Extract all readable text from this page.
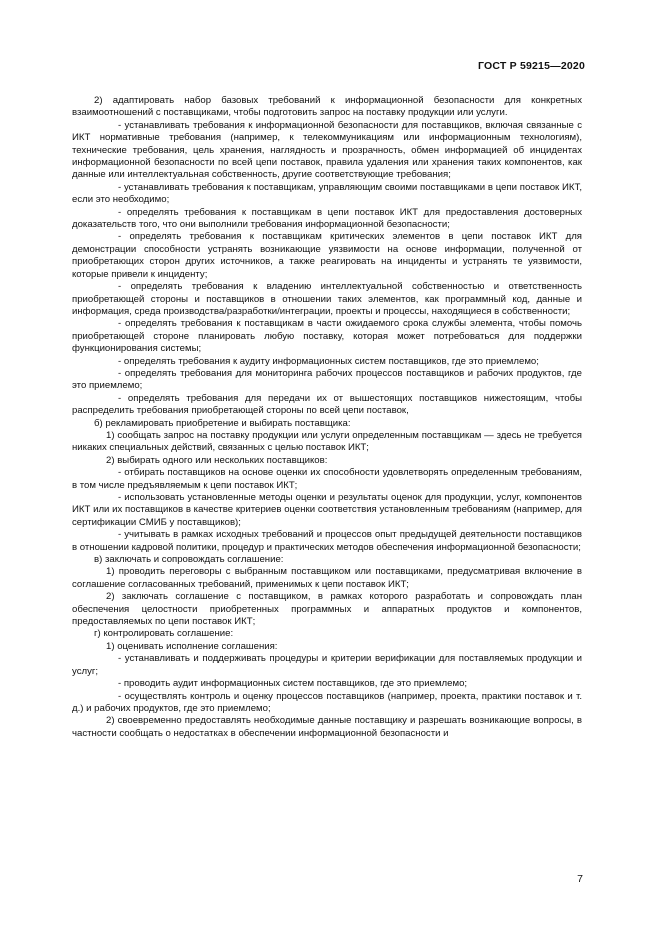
ГОСТ Р 59215—2020

2) адаптировать набор базовых требований к информационной безопасности для конкретных взаимоотношений с поставщиками, чтобы подготовить запрос на поставку продукции или услуги.

- устанавливать требования к информационной безопасности для поставщиков, включая связанные с ИКТ нормативные требования (например, к телекоммуникациям или информационным технологиям), технические требования, цель хранения, наглядность и прозрачность, обмен информацией об инцидентах информационной безопасности по всей цепи поставок, правила удаления или хранения таких компонентов, как данные или интеллектуальная собственность, другие соответствующие требования;

- устанавливать требования к поставщикам, управляющим своими поставщиками в цепи поставок ИКТ, если это необходимо;

- определять требования к поставщикам в цепи поставок ИКТ для предоставления достоверных доказательств того, что они выполнили требования информационной безопасности;

- определять требования к поставщикам критических элементов в цепи поставок ИКТ для демонстрации способности устранять возникающие уязвимости на основе информации, полученной от приобретающих сторон других источников, а также реагировать на инциденты и устранять те уязвимости, которые привели к инциденту;

- определять требования к владению интеллектуальной собственностью и ответственность приобретающей стороны и поставщиков в отношении таких элементов, как программный код, данные и информация, среда производства/разработки/интеграции, проекты и процессы, находящиеся в собственности;

- определять требования к поставщикам в части ожидаемого срока службы элемента, чтобы помочь приобретающей стороне планировать любую поставку, которая может потребоваться для поддержки функционирования системы;

- определять требования к аудиту информационных систем поставщиков, где это приемлемо;

- определять требования для мониторинга рабочих процессов поставщиков и рабочих продуктов, где это приемлемо;

- определять требования для передачи их от вышестоящих поставщиков нижестоящим, чтобы распределить требования приобретающей стороны по всей цепи поставок,

б) рекламировать приобретение и выбирать поставщика:

1) сообщать запрос на поставку продукции или услуги определенным поставщикам — здесь не требуется никаких специальных действий, связанных с целью поставок ИКТ;

2) выбирать одного или нескольких поставщиков:

- отбирать поставщиков на основе оценки их способности удовлетворять определенным требованиям, в том числе предъявляемым к цепи поставок ИКТ;

- использовать установленные методы оценки и результаты оценок для продукции, услуг, компонентов ИКТ или их поставщиков в качестве критериев оценки соответствия установленным требованиям (например, для сертификации СМИБ у поставщиков);

- учитывать в рамках исходных требований и процессов опыт предыдущей деятельности поставщиков в отношении кадровой политики, процедур и практических методов обеспечения информационной безопасности;

в) заключать и сопровождать соглашение:

1) проводить переговоры с выбранным поставщиком или поставщиками, предусматривая включение в соглашение согласованных требований, применимых к цепи поставок ИКТ;

2) заключать соглашение с поставщиком, в рамках которого разработать и сопровождать план обеспечения целостности приобретенных программных и аппаратных продуктов и компонентов, предоставляемых по цепи поставок ИКТ;

г) контролировать соглашение:

1) оценивать исполнение соглашения:

- устанавливать и поддерживать процедуры и критерии верификации для поставляемых продукции и услуг;

- проводить аудит информационных систем поставщиков, где это приемлемо;

- осуществлять контроль и оценку процессов поставщиков (например, проекта, практики поставок и т. д.) и рабочих продуктов, где это приемлемо;

2) своевременно предоставлять необходимые данные поставщику и разрешать возникающие вопросы, в частности сообщать о недостатках в обеспечении информационной безопасности и

7
